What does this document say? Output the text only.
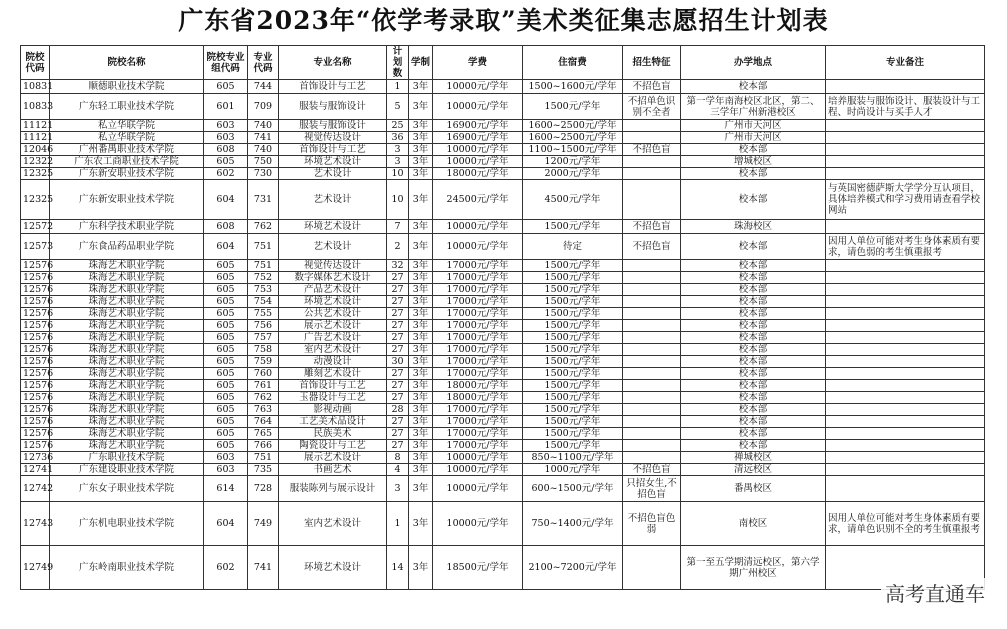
广东省2023年“依学考录取”美术类征集志愿招生计划表
院校代码	院校名称	院校专业组代码	专业代码	专业名称	计划数	学制	学费	住宿费	招生特征	办学地点	专业备注
10831	顺德职业技术学院	605	744	首饰设计与工艺	1	3年	10000元/学年	1500~1600元/学年	不招色盲	校本部	
10833	广东轻工职业技术学院	601	709	服装与服饰设计	5	3年	10000元/学年	1500元/学年	不招单色识别不全者	第一学年南海校区北区，第二、三学年广州新港校区	培养服装与服饰设计、服装设计与工程、时尚设计与买手人才
11121	私立华联学院	603	740	服装与服饰设计	25	3年	16900元/学年	1600~2500元/学年		广州市天河区	
11121	私立华联学院	603	741	视觉传达设计	36	3年	16900元/学年	1600~2500元/学年		广州市天河区	
12046	广州番禺职业技术学院	608	740	首饰设计与工艺	3	3年	10000元/学年	1100~1500元/学年	不招色盲	校本部	
12322	广东农工商职业技术学院	605	750	环境艺术设计	3	3年	10000元/学年	1200元/学年		增城校区	
12325	广东新安职业技术学院	602	730	艺术设计	10	3年	18000元/学年	2000元/学年		校本部	
12325	广东新安职业技术学院	604	731	艺术设计	10	3年	24500元/学年	4500元/学年		校本部	与英国密德萨斯大学学分互认项目，具体培养模式和学习费用请查看学校网站
12572	广东科学技术职业学院	608	762	环境艺术设计	7	3年	10000元/学年	1500元/学年	不招色盲	珠海校区	
12573	广东食品药品职业学院	604	751	艺术设计	2	3年	10000元/学年	待定	不招色盲	校本部	因用人单位可能对考生身体素质有要求，请色弱的考生慎重报考
12576	珠海艺术职业学院	605	751	视觉传达设计	32	3年	17000元/学年	1500元/学年		校本部	
12576	珠海艺术职业学院	605	752	数字媒体艺术设计	27	3年	17000元/学年	1500元/学年		校本部	
12576	珠海艺术职业学院	605	753	产品艺术设计	27	3年	17000元/学年	1500元/学年		校本部	
12576	珠海艺术职业学院	605	754	环境艺术设计	27	3年	17000元/学年	1500元/学年		校本部	
12576	珠海艺术职业学院	605	755	公共艺术设计	27	3年	17000元/学年	1500元/学年		校本部	
12576	珠海艺术职业学院	605	756	展示艺术设计	27	3年	17000元/学年	1500元/学年		校本部	
12576	珠海艺术职业学院	605	757	广告艺术设计	27	3年	17000元/学年	1500元/学年		校本部	
12576	珠海艺术职业学院	605	758	室内艺术设计	27	3年	17000元/学年	1500元/学年		校本部	
12576	珠海艺术职业学院	605	759	动漫设计	30	3年	17000元/学年	1500元/学年		校本部	
12576	珠海艺术职业学院	605	760	雕刻艺术设计	27	3年	17000元/学年	1500元/学年		校本部	
12576	珠海艺术职业学院	605	761	首饰设计与工艺	27	3年	18000元/学年	1500元/学年		校本部	
12576	珠海艺术职业学院	605	762	玉器设计与工艺	27	3年	18000元/学年	1500元/学年		校本部	
12576	珠海艺术职业学院	605	763	影视动画	28	3年	17000元/学年	1500元/学年		校本部	
12576	珠海艺术职业学院	605	764	工艺美术品设计	27	3年	17000元/学年	1500元/学年		校本部	
12576	珠海艺术职业学院	605	765	民族美术	27	3年	17000元/学年	1500元/学年		校本部	
12576	珠海艺术职业学院	605	766	陶瓷设计与工艺	27	3年	17000元/学年	1500元/学年		校本部	
12736	广东职业技术学院	603	751	展示艺术设计	8	3年	10000元/学年	850~1100元/学年		禅城校区	
12741	广东建设职业技术学院	603	735	书画艺术	4	3年	10000元/学年	1000元/学年	不招色盲	清远校区	
12742	广东女子职业技术学院	614	728	服装陈列与展示设计	3	3年	10000元/学年	600~1500元/学年	只招女生,不招色盲	番禺校区	
12743	广东机电职业技术学院	604	749	室内艺术设计	1	3年	10000元/学年	750~1400元/学年	不招色盲色弱	南校区	因用人单位可能对考生身体素质有要求，请单色识别不全的考生慎重报考
12749	广东岭南职业技术学院	602	741	环境艺术设计	14	3年	18500元/学年	2100~7200元/学年		第一至五学期清远校区，第六学期广州校区	
高考直通车
